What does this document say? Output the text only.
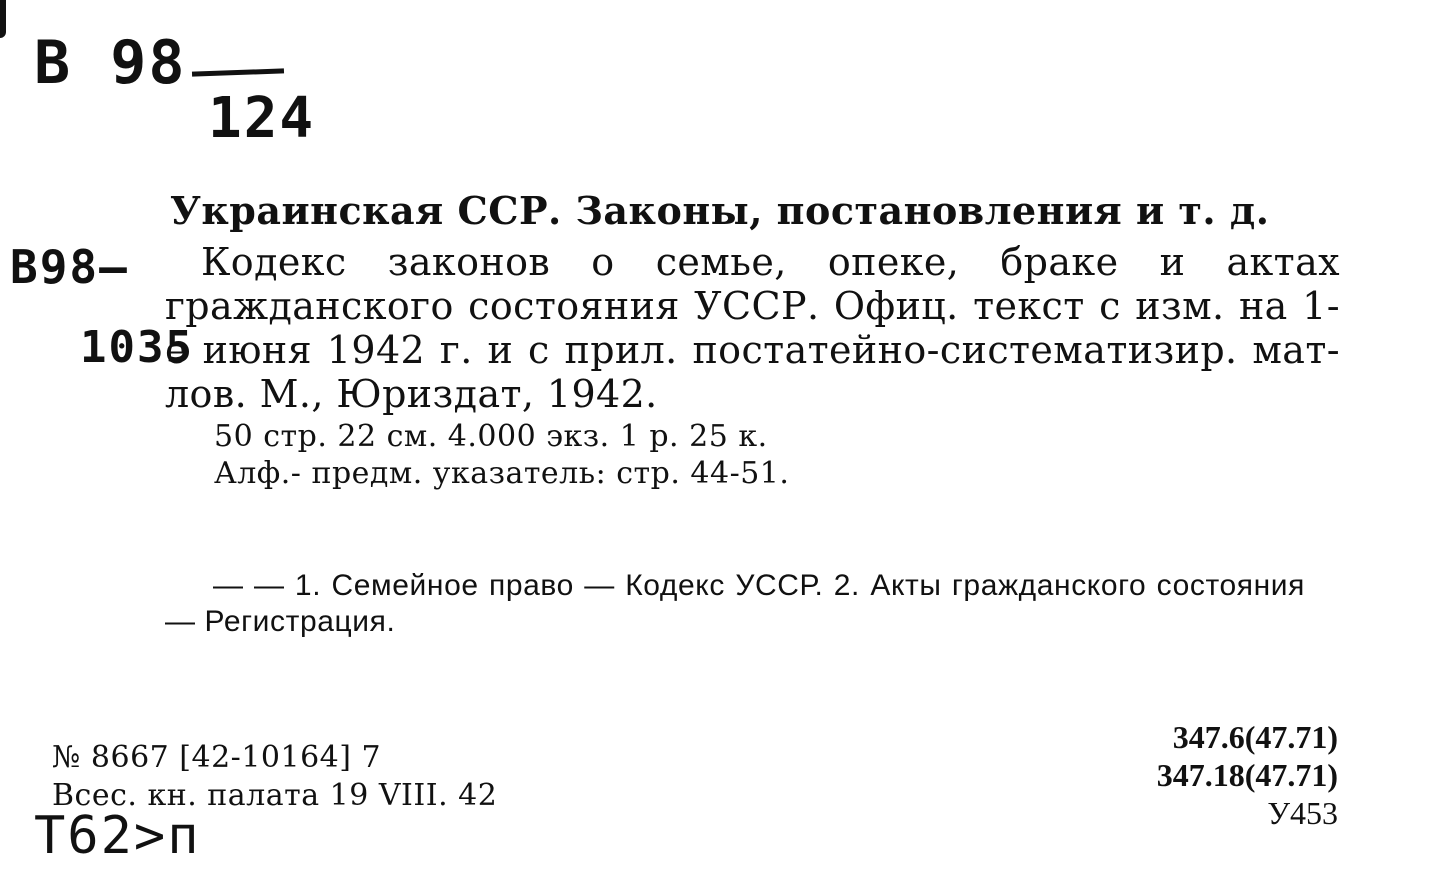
В 98
124
В98—
1035
Украинская ССР. Законы, постановления и т. д.
Кодекс законов о семье, опеке, браке и актах гражданского состояния УССР. Офиц. текст с изм. на 1-е июня 1942 г. и с прил. постатейно-систематизир. мат-лов. М., Юриздат, 1942.
50 стр. 22 см. 4.000 экз. 1 р. 25 к.
Алф.- предм. указатель: стр. 44-51.
— — 1. Семейное право — Кодекс УССР. 2. Акты гражданского состояния — Регистрация.
№ 8667 [42-10164] 7
Всес. кн. палата 19 VIII. 42
347.6(47.71)
347.18(47.71)
У453
Т62>п
